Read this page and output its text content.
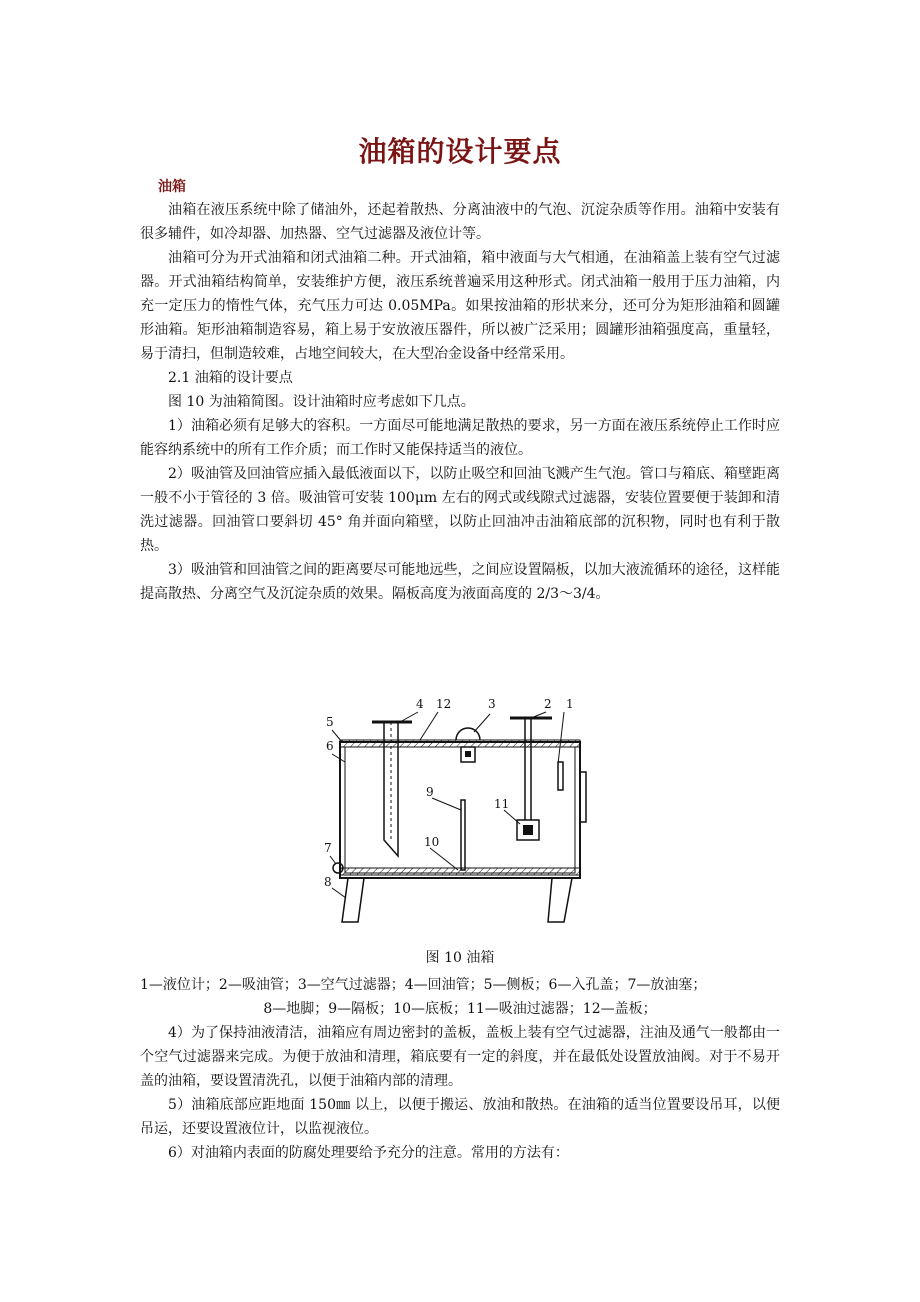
油箱的设计要点
油箱

油箱在液压系统中除了储油外，还起着散热、分离油液中的气泡、沉淀杂质等作用。油箱中安装有很多辅件，如冷却器、加热器、空气过滤器及液位计等。

油箱可分为开式油箱和闭式油箱二种。开式油箱，箱中液面与大气相通，在油箱盖上装有空气过滤器。开式油箱结构简单，安装维护方便，液压系统普遍采用这种形式。闭式油箱一般用于压力油箱，内充一定压力的惰性气体，充气压力可达 0.05MPa。如果按油箱的形状来分，还可分为矩形油箱和圆罐形油箱。矩形油箱制造容易，箱上易于安放液压器件，所以被广泛采用；圆罐形油箱强度高，重量轻，易于清扫，但制造较难，占地空间较大，在大型冶金设备中经常采用。

2.1 油箱的设计要点

图 10 为油箱简图。设计油箱时应考虑如下几点。

1）油箱必须有足够大的容积。一方面尽可能地满足散热的要求，另一方面在液压系统停止工作时应能容纳系统中的所有工作介质；而工作时又能保持适当的液位。

2）吸油管及回油管应插入最低液面以下，以防止吸空和回油飞溅产生气泡。管口与箱底、箱壁距离一般不小于管径的 3 倍。吸油管可安装 100μm 左右的网式或线隙式过滤器，安装位置要便于装卸和清洗过滤器。回油管口要斜切 45° 角并面向箱壁，以防止回油冲击油箱底部的沉积物，同时也有利于散热。

3）吸油管和回油管之间的距离要尽可能地远些，之间应设置隔板，以加大液流循环的途径，这样能提高散热、分离空气及沉淀杂质的效果。隔板高度为液面高度的 2/3～3/4。

1
2
3
4
5
6
7
8
9
10
11
12
图 10 油箱
1—液位计；2—吸油管；3—空气过滤器；4—回油管；5—侧板；6—入孔盖；7—放油塞；
8—地脚；9—隔板；10—底板；11—吸油过滤器；12—盖板；

4）为了保持油液清洁，油箱应有周边密封的盖板，盖板上装有空气过滤器，注油及通气一般都由一个空气过滤器来完成。为便于放油和清理，箱底要有一定的斜度，并在最低处设置放油阀。对于不易开盖的油箱，要设置清洗孔，以便于油箱内部的清理。

5）油箱底部应距地面 150㎜ 以上，以便于搬运、放油和散热。在油箱的适当位置要设吊耳，以便吊运，还要设置液位计，以监视液位。

6）对油箱内表面的防腐处理要给予充分的注意。常用的方法有：
